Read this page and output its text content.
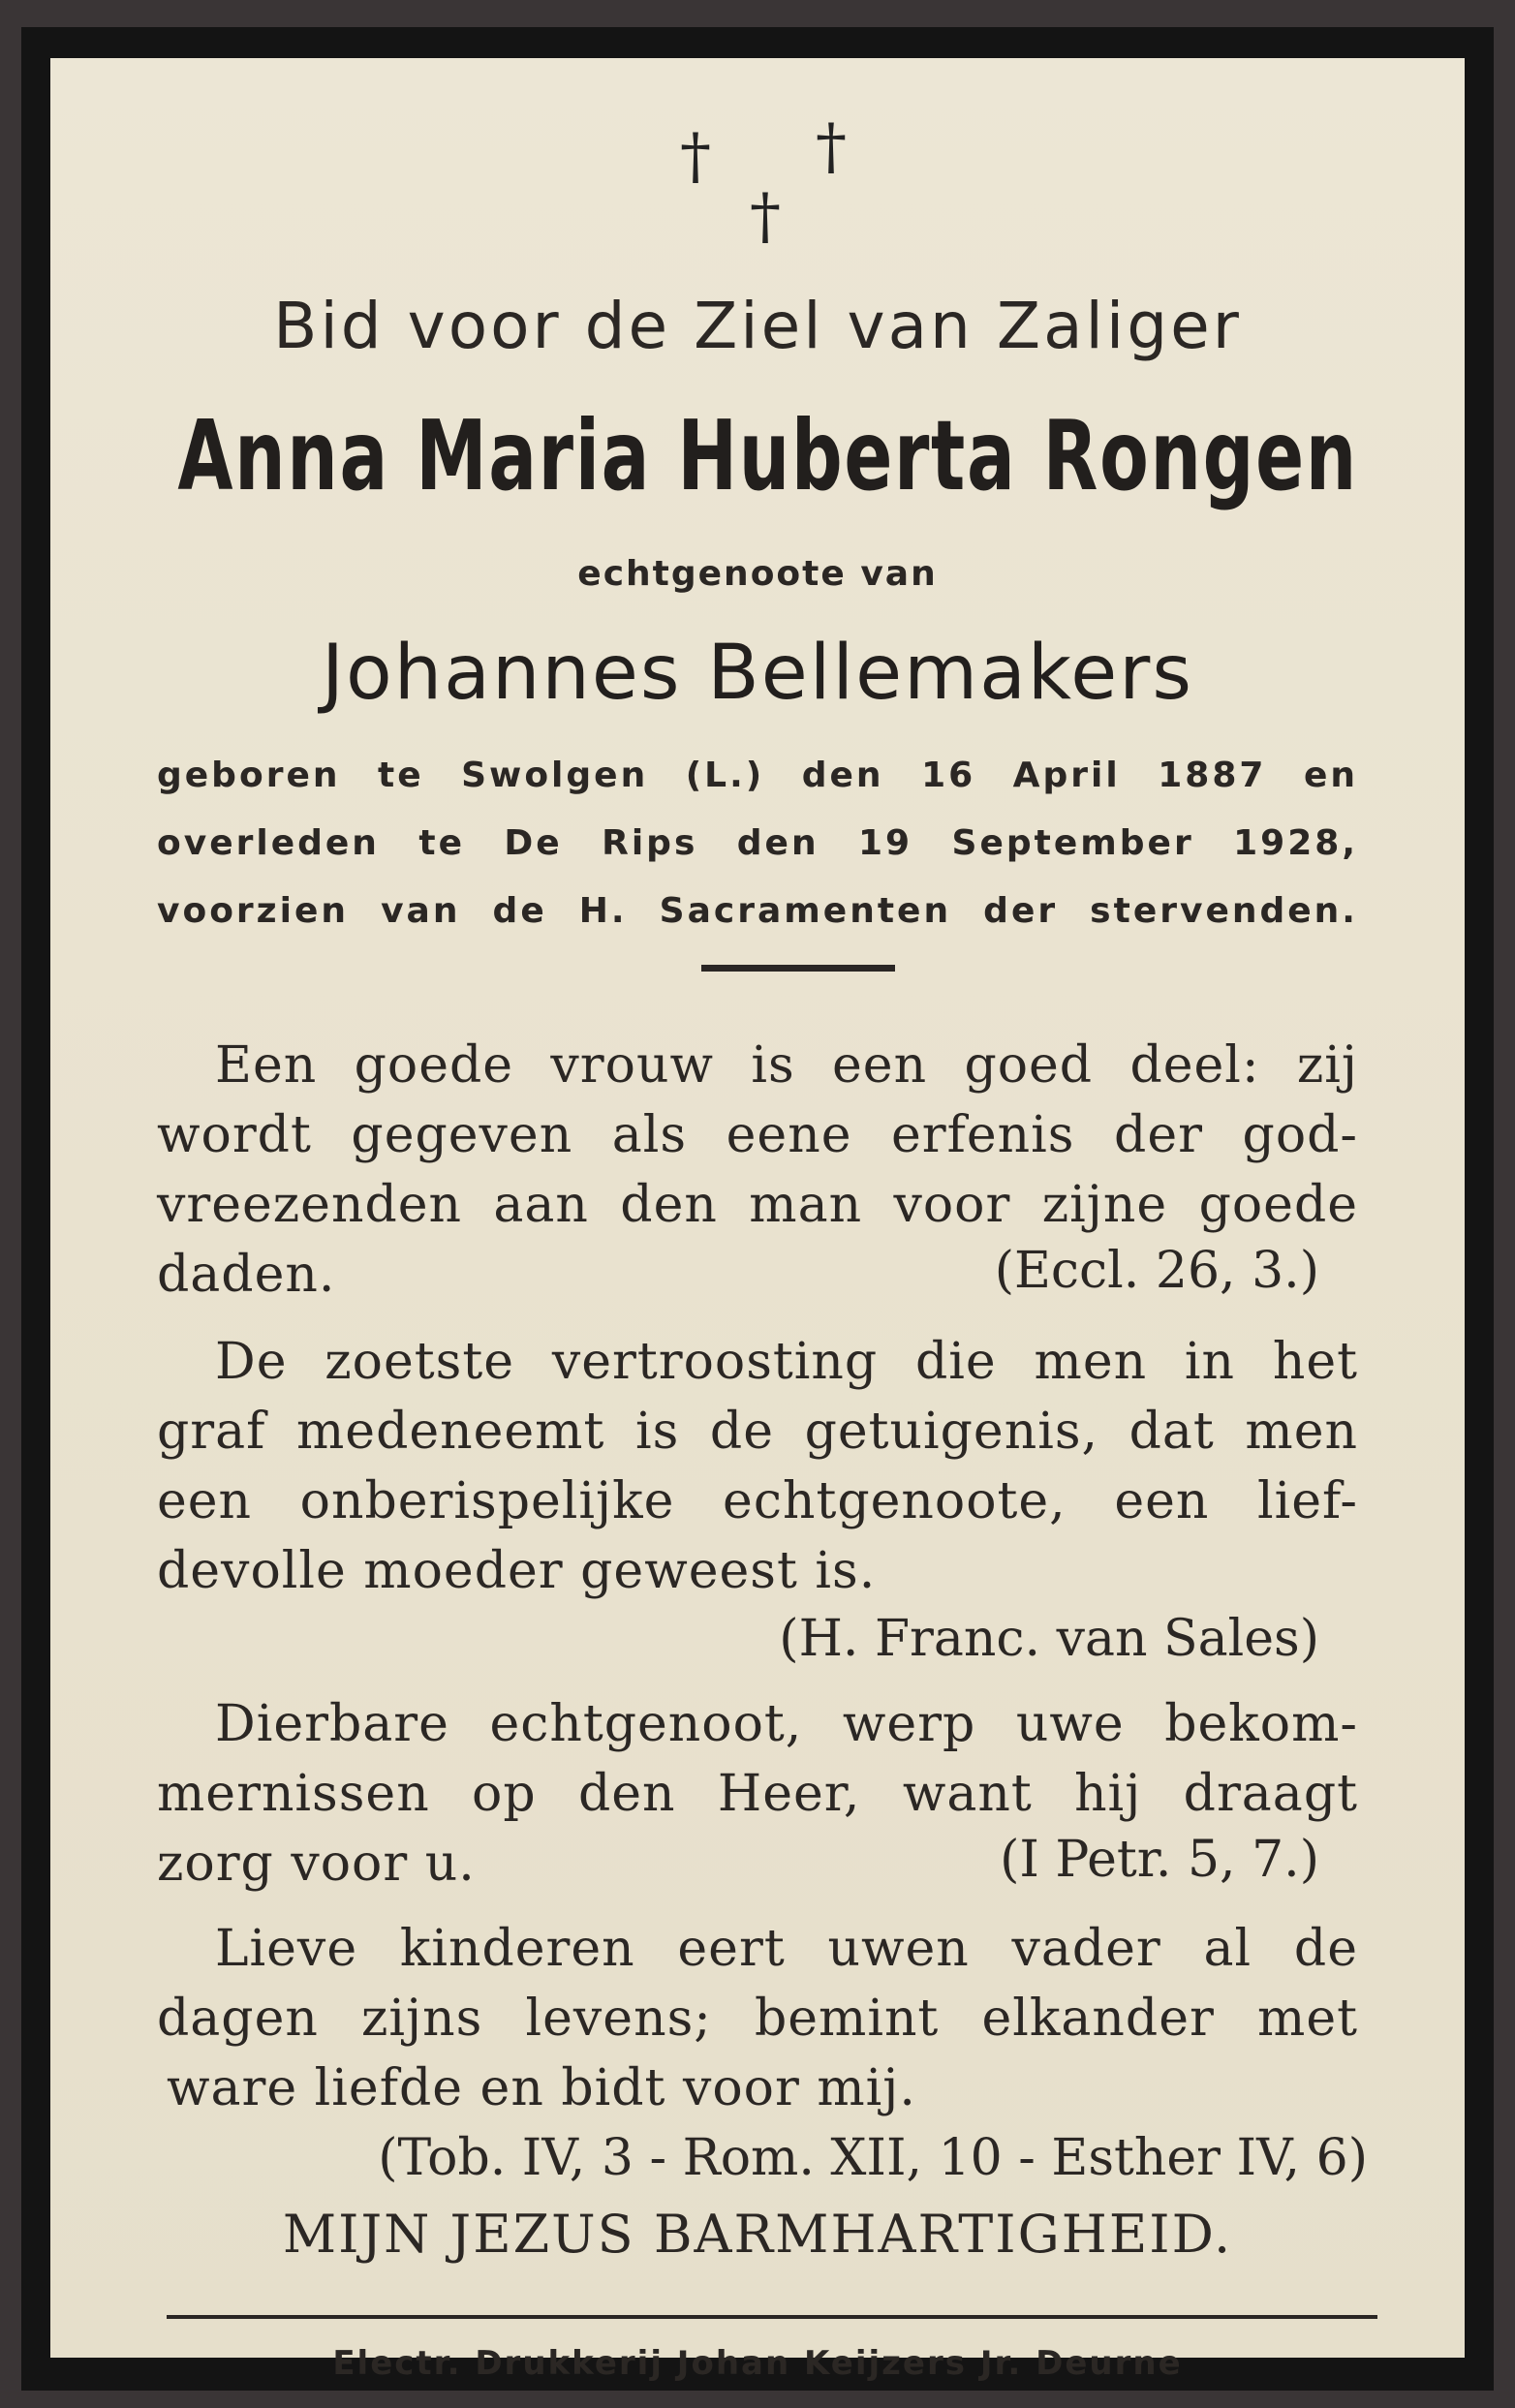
† †
†
Bid voor de Ziel van Zaliger
Anna Maria Huberta Rongen
echtgenoote van
Johannes Bellemakers
geboren te Swolgen (L.) den 16 April 1887 en
overleden te De Rips den 19 September 1928,
voorzien van de H. Sacramenten der stervenden.
Een goede vrouw is een goed deel: zij
wordt gegeven als eene erfenis der god-
vreezenden aan den man voor zijne goede
daden.	(Eccl. 26, 3.)
De zoetste vertroosting die men in het
graf medeneemt is de getuigenis, dat men
een onberispelijke echtgenoote, een lief-
devolle moeder geweest is.
(H. Franc. van Sales)
Dierbare echtgenoot, werp uwe bekom-
mernissen op den Heer, want hij draagt
zorg voor u.	(I Petr. 5, 7.)
Lieve kinderen eert uwen vader al de
dagen zijns levens; bemint elkander met
ware liefde en bidt voor mij.
(Tob. IV, 3 - Rom. XII, 10 - Esther IV, 6)
MIJN JEZUS BARMHARTIGHEID.
Electr. Drukkerij Johan Keijzers Jr. Deurne
